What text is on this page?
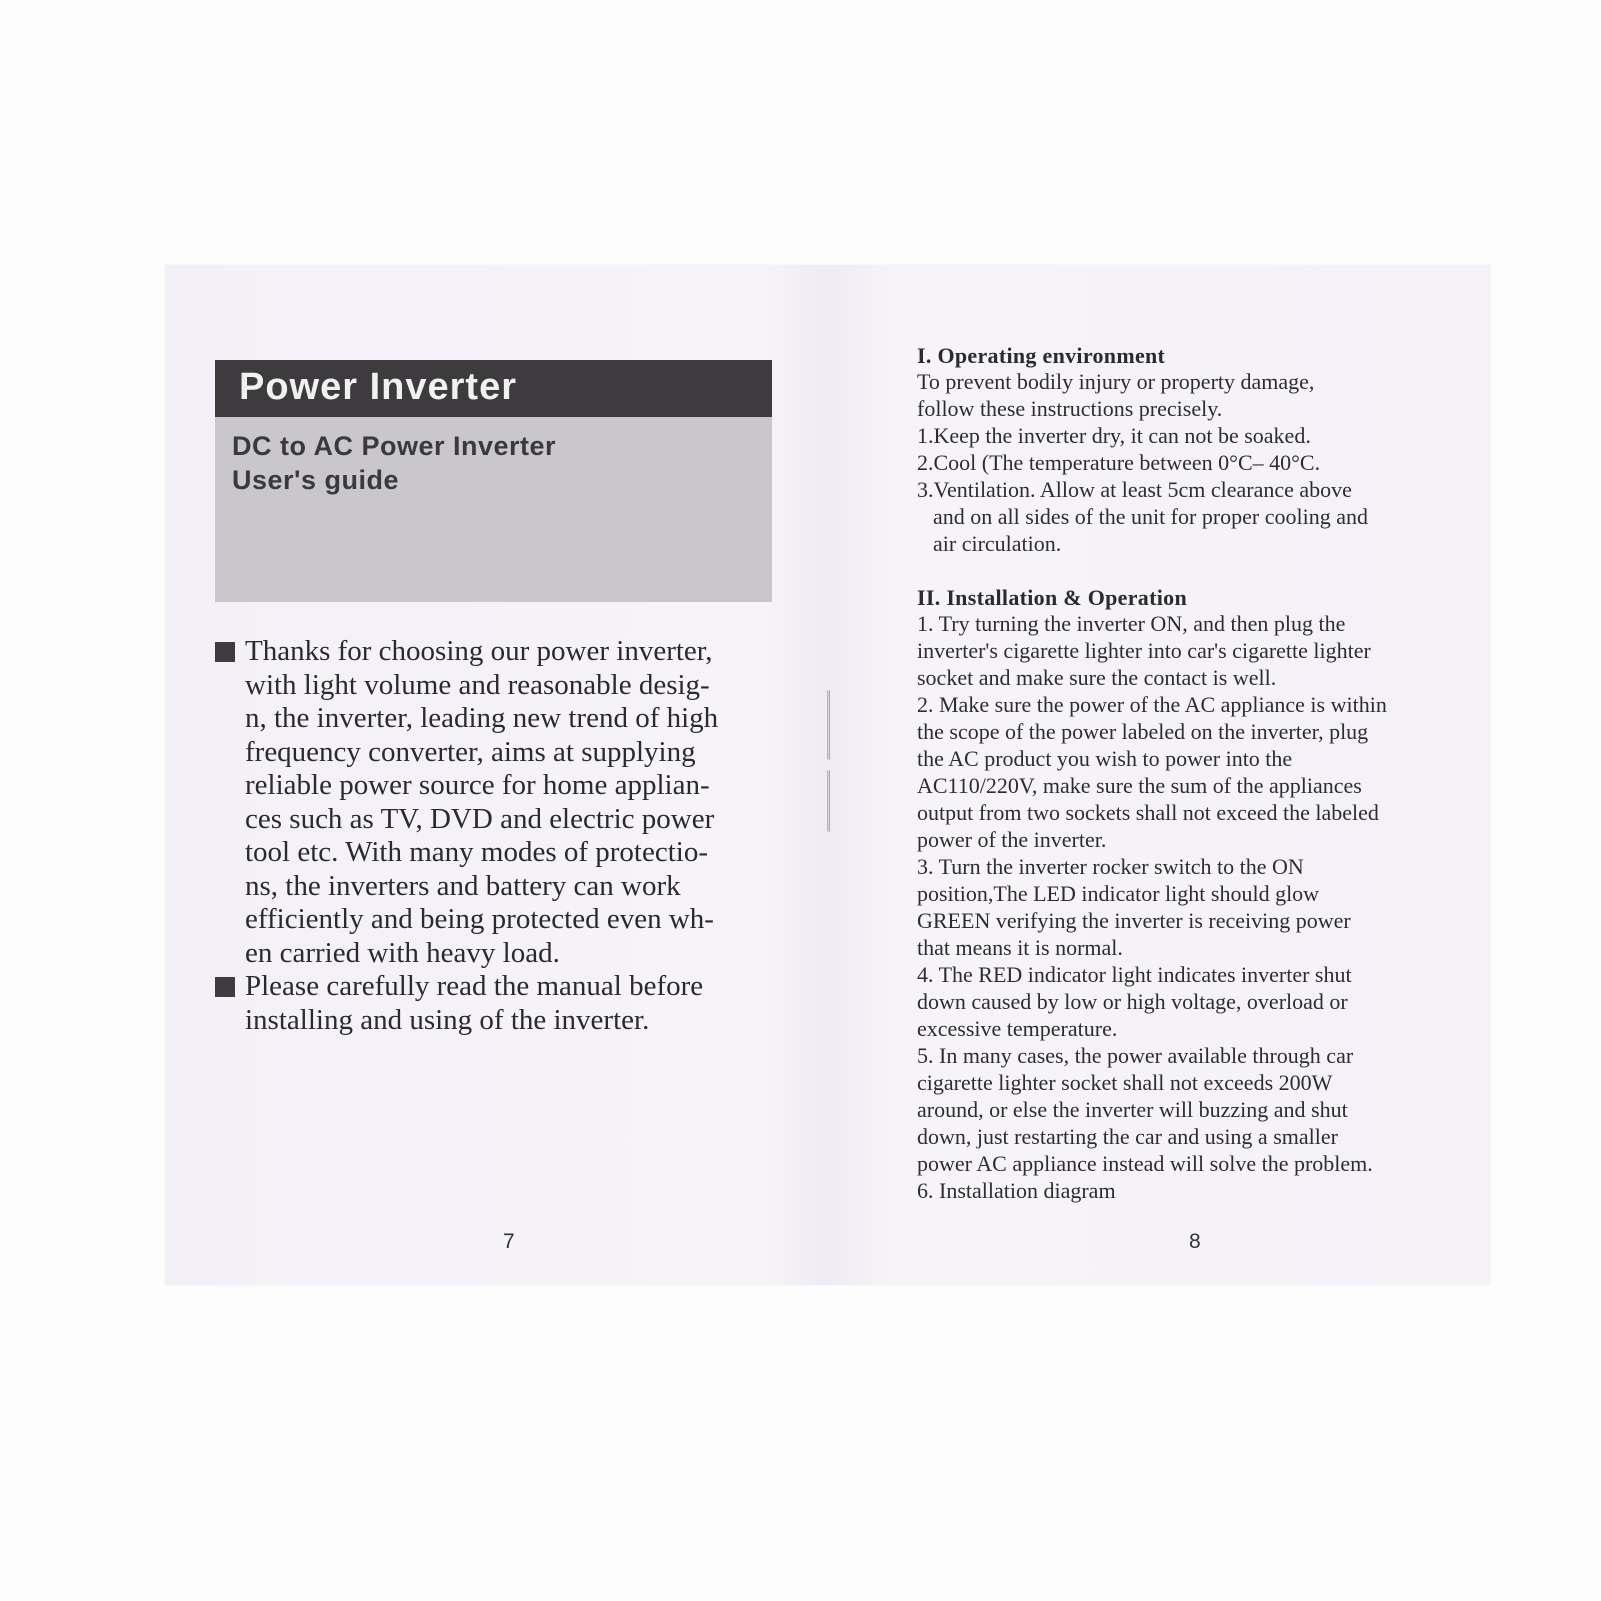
Power Inverter
DC to AC Power Inverter
User's guide
Thanks for choosing our power inverter,
with light volume and reasonable desig-
n, the inverter, leading new trend of high
frequency converter, aims at supplying
reliable power source for home applian-
ces such as TV, DVD and electric power
tool etc. With many modes of protectio-
ns, the inverters and battery can work
efficiently and being protected even wh-
en carried with heavy load.
Please carefully read the manual before
installing and using of the inverter.
7
I. Operating environment
To prevent bodily injury or property damage,
follow these instructions precisely.
1.Keep the inverter dry, it can not be soaked.
2.Cool (The temperature between 0°C– 40°C.
3.Ventilation. Allow at least 5cm clearance above
and on all sides of the unit for proper cooling and
air circulation.
II. Installation & Operation
1. Try turning the inverter ON, and then plug the
inverter's cigarette lighter into car's cigarette lighter
socket and make sure the contact is well.
2. Make sure the power of the AC appliance is within
the scope of the power labeled on the inverter, plug
the AC product you wish to power into the
AC110/220V, make sure the sum of the appliances
output from two sockets shall not exceed the labeled
power of the inverter.
3. Turn the inverter rocker switch to the ON
position,The LED indicator light should glow
GREEN verifying the inverter is receiving power
that means it is normal.
4. The RED indicator light indicates inverter shut
down caused by low or high voltage, overload or
excessive temperature.
5. In many cases, the power available through car
cigarette lighter socket shall not exceeds 200W
around, or else the inverter will buzzing and shut
down, just restarting the car and using a smaller
power AC appliance instead will solve the problem.
6. Installation diagram
8
